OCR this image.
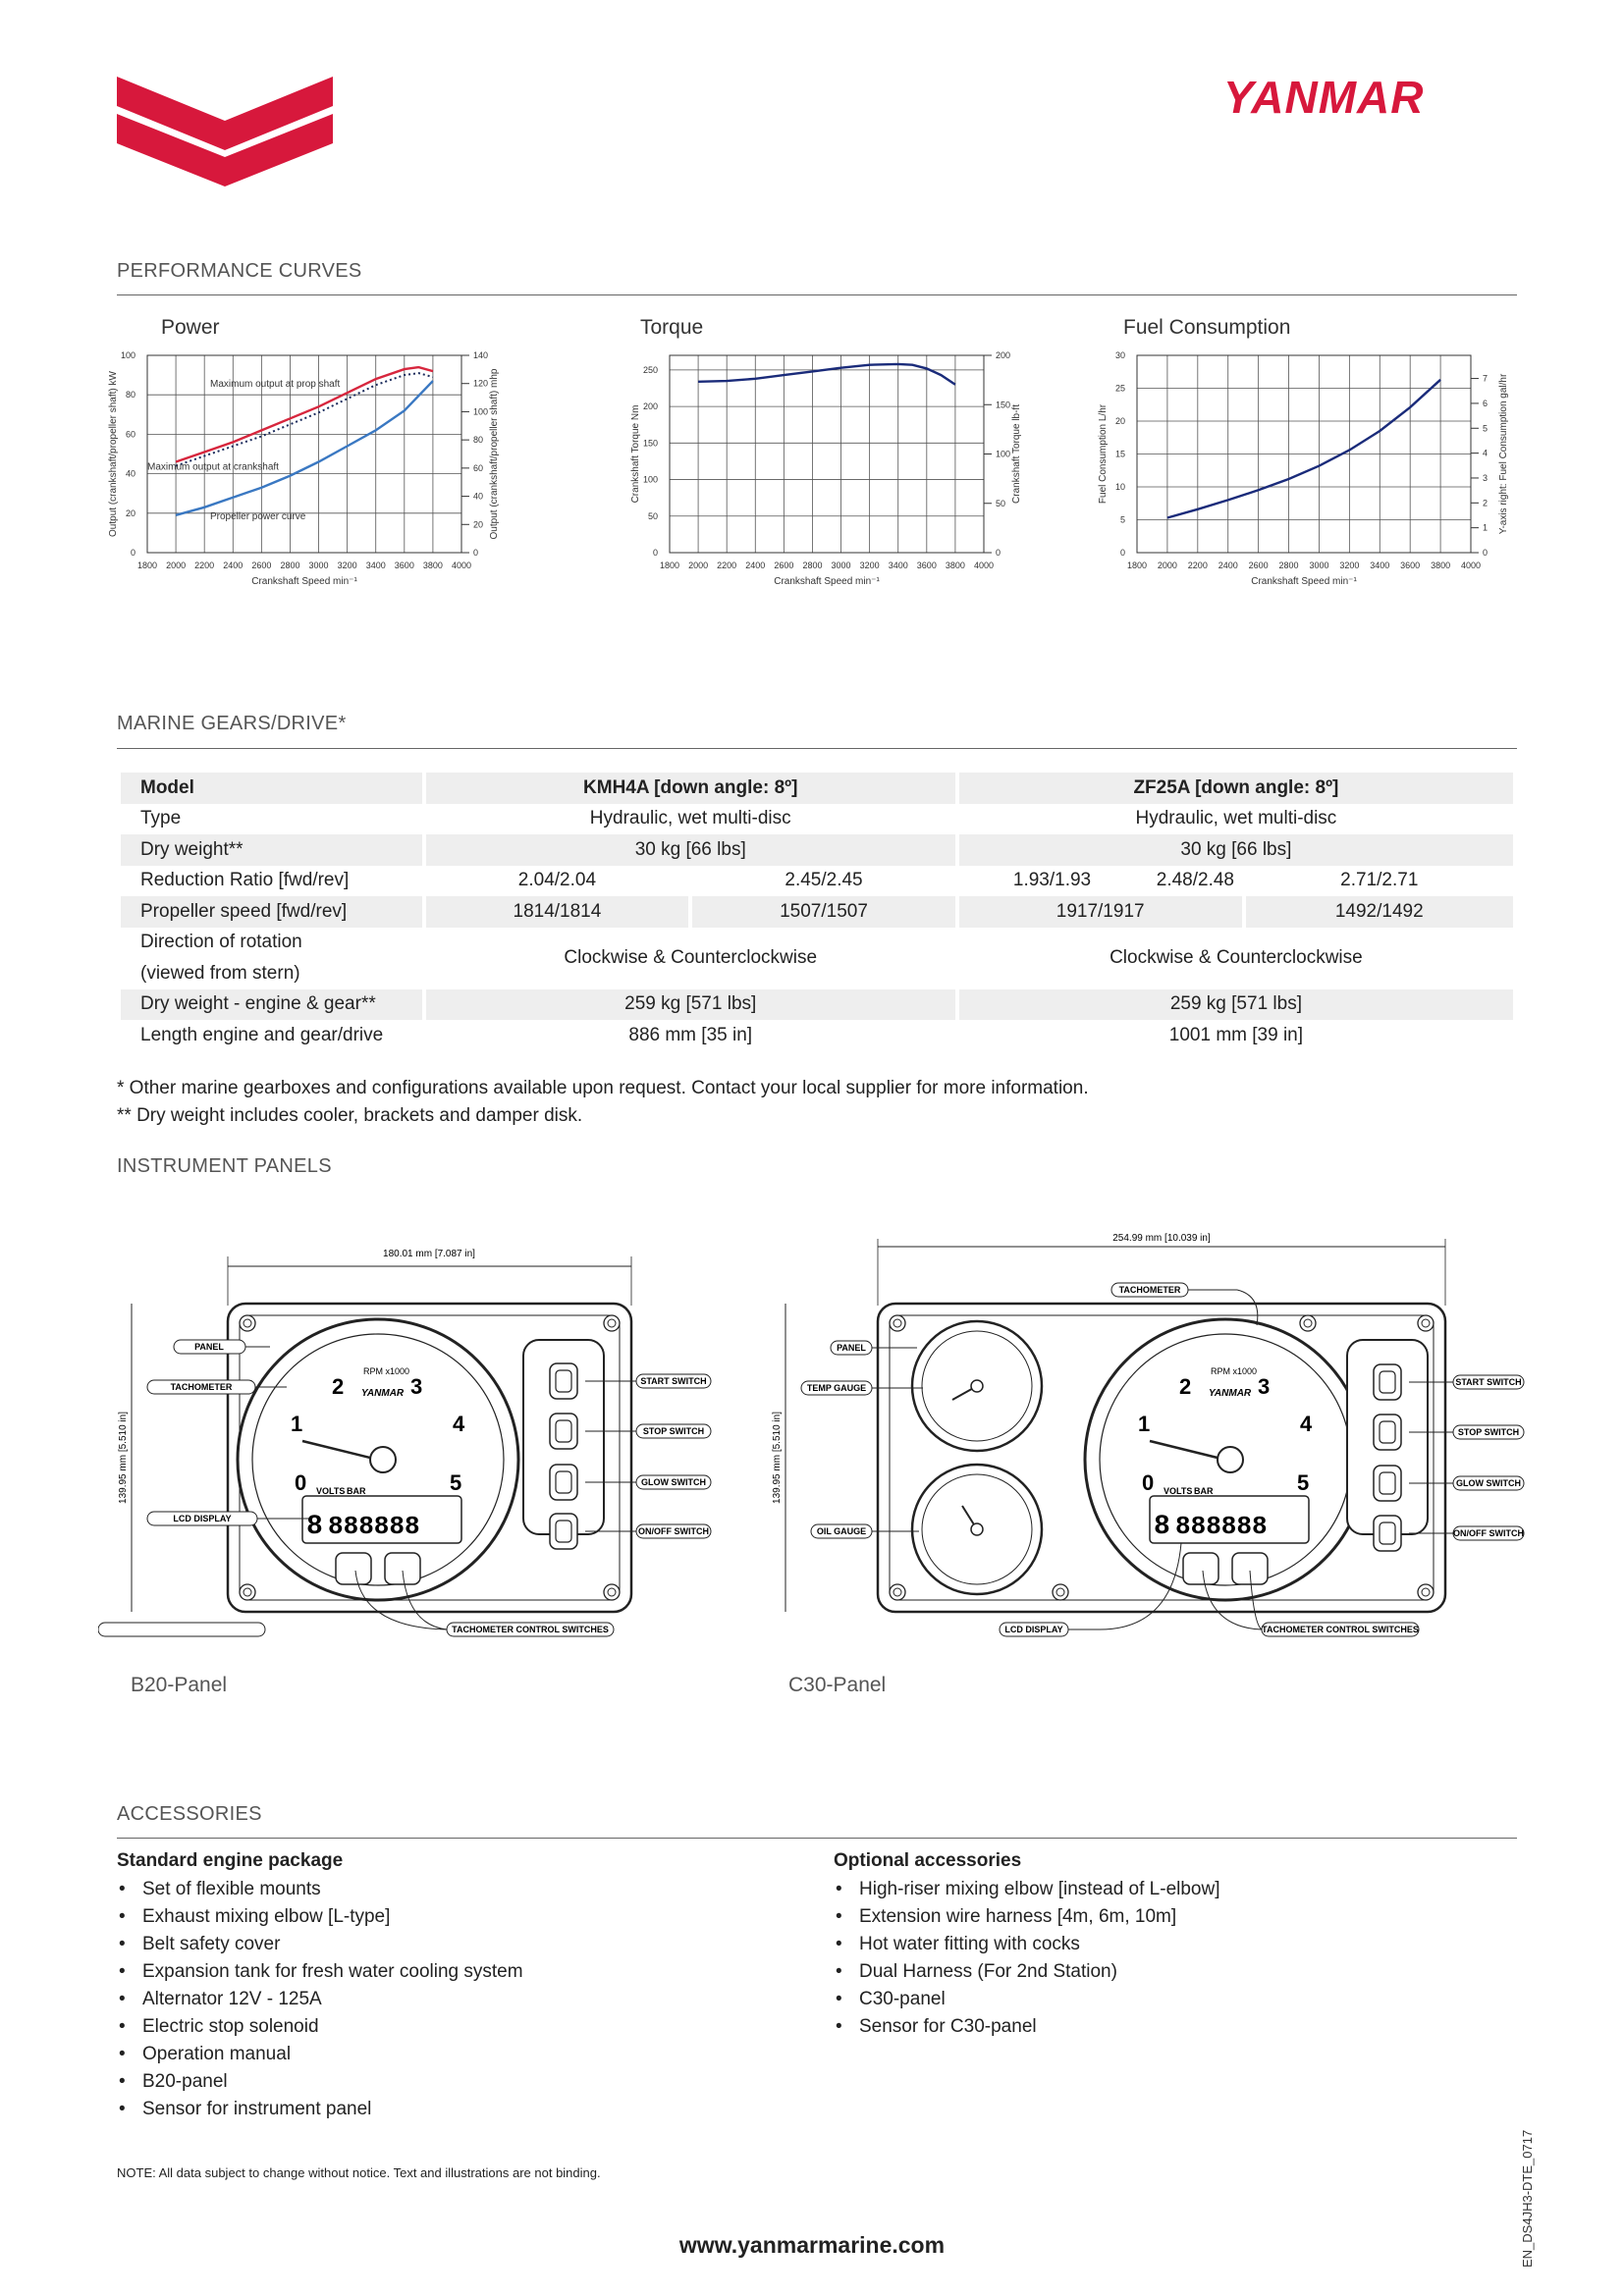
YANMAR
PERFORMANCE CURVES
Power	Torque	Fuel Consumption
1800 2000 2200 2400 2600 2800 3000 3200 3400 3600 3800 4000
0
20
40
60
80
100
0
20
40
60
80
100
120
140
Crankshaft Speed min⁻¹
Output (crankshaft/propeller shaft) kW	Output (crankshaft/propeller shaft) mhp
Maximum output at prop shaft
Maximum output at crankshaft
Propeller power curve
1800 2000 2200 2400 2600 2800 3000 3200 3400 3600 3800 4000
0
50
100
150
200
250
0
50
100
150
200
Crankshaft Speed min⁻¹
Crankshaft Torque Nm	Crankshaft Torque lb-ft
1800 2000 2200 2400 2600 2800 3000 3200 3400 3600 3800 4000
0
5
10
15
20
25
30
0
1
2
3
4
5
6
7
Crankshaft Speed min⁻¹
Fuel Consumption L/hr	Y-axis right: Fuel Consumption gal/hr
MARINE GEARS/DRIVE*
Model	KMH4A [down angle: 8º]		ZF25A [down angle: 8º]		
Type	Hydraulic, wet multi-disc		Hydraulic, wet multi-disc		
Dry weight**	30 kg [66 lbs]		30 kg [66 lbs]		
Reduction Ratio [fwd/rev]	2.04/2.04	2.45/2.45	1.93/1.93	2.48/2.48	2.71/2.71
Propeller speed [fwd/rev]	1814/1814	1507/1507	1917/1917		1492/1492
Direction of rotation	Clockwise & Counterclockwise		Clockwise & Counterclockwise		
(viewed from stern)					
Dry weight - engine & gear**	259 kg [571 lbs]		259 kg [571 lbs]		
Length engine and gear/drive	886 mm [35 in]		1001 mm [39 in]		
* Other marine gearboxes and configurations available upon request. Contact your local supplier for more information.
** Dry weight includes cooler, brackets and damper disk.
INSTRUMENT PANELS
180.01 mm [7.087 in]
139.95 mm [5.510 in]
2	3
1	4
0	5
RPM x1000
YANMAR
VOLTS BAR
8 888888
PANEL
TACHOMETER
LCD DISPLAY
TACHOMETER CONTROL SWITCHES
START SWITCH
STOP SWITCH
GLOW SWITCH
ON/OFF SWITCH
254.99 mm [10.039 in]
139.95 mm [5.510 in]
2	3
1	4
0	5
RPM x1000
YANMAR
VOLTS BAR
8 888888
TACHOMETER
PANEL
TEMP GAUGE
OIL GAUGE
LCD DISPLAY	TACHOMETER CONTROL SWITCHES
START SWITCH
STOP SWITCH
GLOW SWITCH
ON/OFF SWITCH
B20-Panel	C30-Panel
ACCESSORIES
Standard engine package
• Set of flexible mounts
• Exhaust mixing elbow [L-type]
• Belt safety cover
• Expansion tank for fresh water cooling system
• Alternator 12V - 125A
• Electric stop solenoid
• Operation manual
• B20-panel
• Sensor for instrument panel
Optional accessories
• High-riser mixing elbow [instead of L-elbow]
• Extension wire harness [4m, 6m, 10m]
• Hot water fitting with cocks
• Dual Harness (For 2nd Station)
• C30-panel
• Sensor for C30-panel
NOTE: All data subject to change without notice. Text and illustrations are not binding.
www.yanmarmarine.com	EN_DS4JH3-DTE_0717
